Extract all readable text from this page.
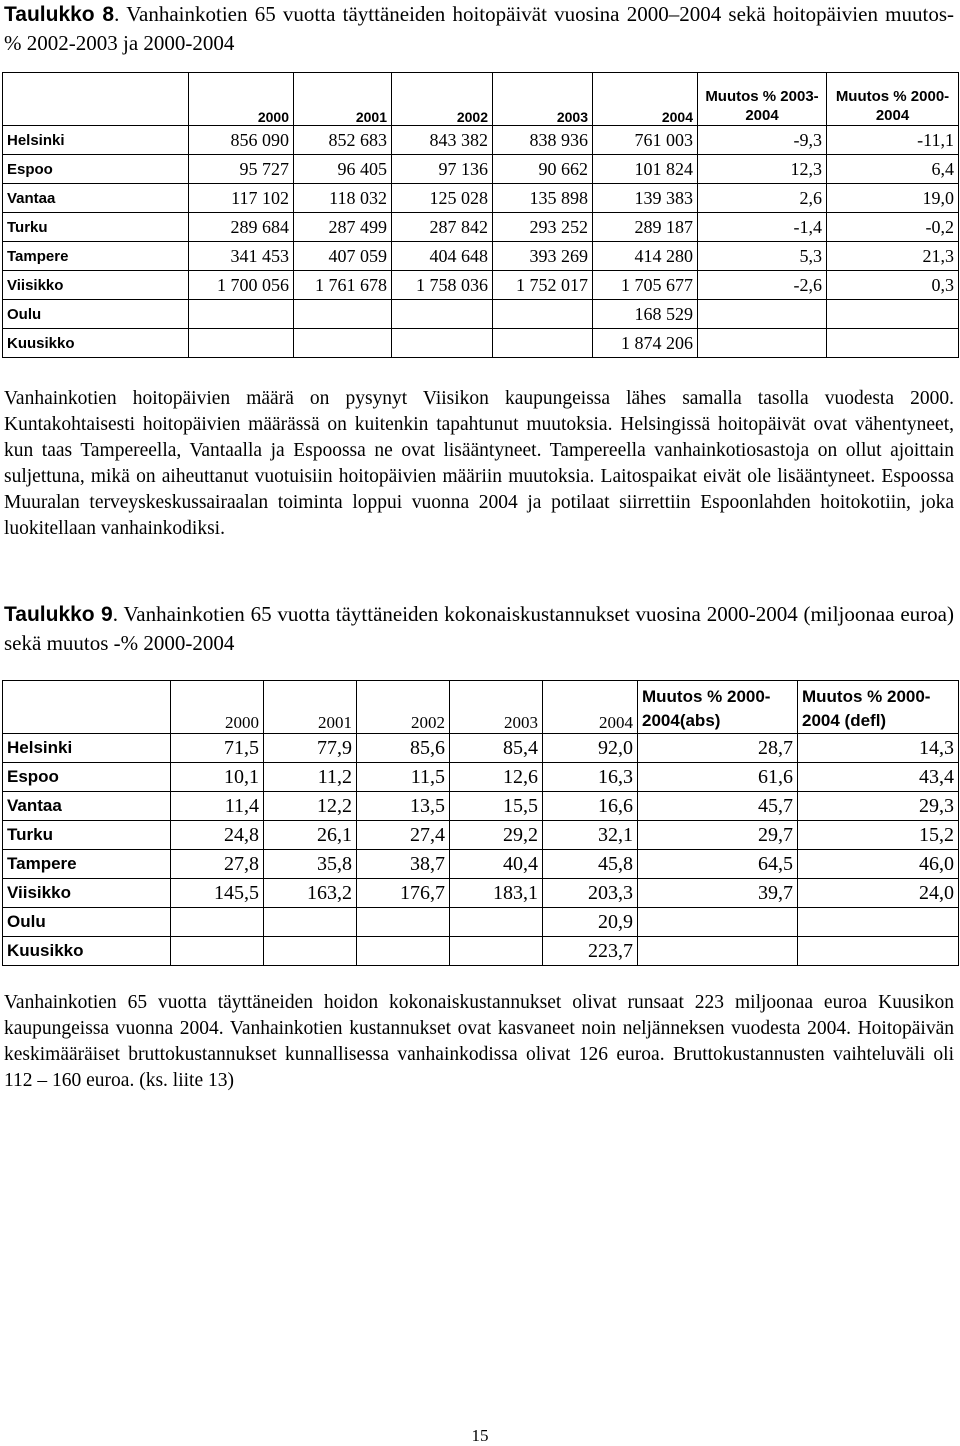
Taulukko 8. Vanhainkotien 65 vuotta täyttäneiden hoitopäivät vuosina 2000–2004 sekä hoitopäivien muutos- % 2002-2003 ja 2000-2004
	2000	2001	2002	2003	2004	Muutos % 2003-2004	Muutos % 2000-2004
Helsinki	856 090	852 683	843 382	838 936	761 003	-9,3	-11,1
Espoo	95 727	96 405	97 136	90 662	101 824	12,3	6,4
Vantaa	117 102	118 032	125 028	135 898	139 383	2,6	19,0
Turku	289 684	287 499	287 842	293 252	289 187	-1,4	-0,2
Tampere	341 453	407 059	404 648	393 269	414 280	5,3	21,3
Viisikko	1 700 056	1 761 678	1 758 036	1 752 017	1 705 677	-2,6	0,3
Oulu					168 529		
Kuusikko					1 874 206		
Vanhainkotien hoitopäivien määrä on pysynyt Viisikon kaupungeissa lähes samalla tasolla vuodesta 2000. Kuntakohtaisesti hoitopäivien määrässä on kuitenkin tapahtunut muutoksia. Helsingissä hoitopäivät ovat vähentyneet, kun taas Tampereella, Vantaalla ja Espoossa ne ovat lisääntyneet. Tampereella vanhainkotiosastoja on ollut ajoittain suljettuna, mikä on aiheuttanut vuotuisiin hoitopäivien määriin muutoksia. Laitospaikat eivät ole lisääntyneet. Espoossa Muuralan terveyskeskussairaalan toiminta loppui vuonna 2004 ja potilaat siirrettiin Espoonlahden hoitokotiin, joka luokitellaan vanhainkodiksi.
Taulukko 9. Vanhainkotien 65 vuotta täyttäneiden kokonaiskustannukset vuosina 2000-2004 (miljoonaa euroa) sekä muutos -% 2000-2004
	2000	2001	2002	2003	2004	Muutos % 2000-2004(abs)	Muutos % 2000-2004 (defl)
Helsinki	71,5	77,9	85,6	85,4	92,0	28,7	14,3
Espoo	10,1	11,2	11,5	12,6	16,3	61,6	43,4
Vantaa	11,4	12,2	13,5	15,5	16,6	45,7	29,3
Turku	24,8	26,1	27,4	29,2	32,1	29,7	15,2
Tampere	27,8	35,8	38,7	40,4	45,8	64,5	46,0
Viisikko	145,5	163,2	176,7	183,1	203,3	39,7	24,0
Oulu					20,9		
Kuusikko					223,7		
Vanhainkotien 65 vuotta täyttäneiden hoidon kokonaiskustannukset olivat runsaat 223 miljoonaa euroa Kuusikon kaupungeissa vuonna 2004. Vanhainkotien kustannukset ovat kasvaneet noin neljänneksen vuodesta 2004. Hoitopäivän keskimääräiset bruttokustannukset kunnallisessa vanhainkodissa olivat 126 euroa. Bruttokustannusten vaihteluväli oli 112 – 160 euroa. (ks. liite 13)
15
